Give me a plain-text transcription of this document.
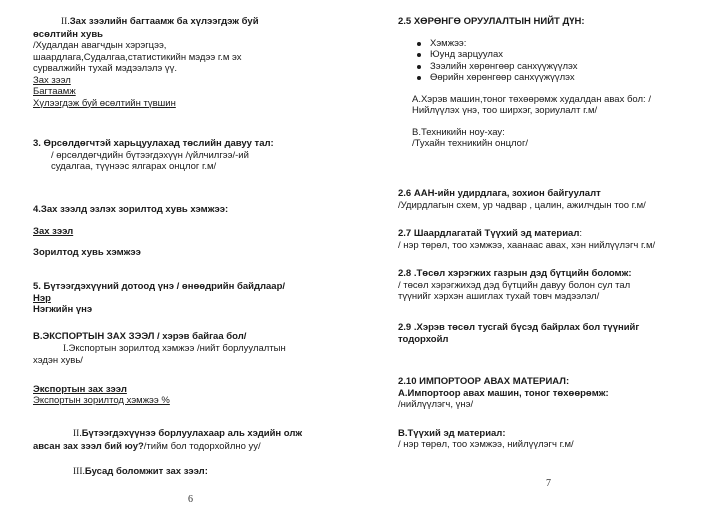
II.Зах зээлийн багтаамж ба хүлээгдэж буй
өсөлтийн хувь
/Худалдан авагчдын хэрэгцээ,
шаардлага,Судалгаа,статистикийн мэдээ г.м эх
сурвалжийн тухай мэдээлэлэ үү.
Зах зээл
Багтаамж
Хүлээгдэж буй өсөлтийн түвшин
3. Өрсөлдөгчтэй харьцуулахад төслийн давуу тал:
/ өрсөлдөгчдийн бүтээгдэхүүн /үйлчилгээ/-ий
судалгаа, түүнээс ялгарах онцлог г.м/
4.Зах зээлд эзлэх зорилтод хувь хэмжээ:
Зах зээл
Зорилтод хувь хэмжээ
5. Бүтээгдэхүүний дотоод үнэ / өнөөдрийн байдлаар/
Нэр
Нэгжийн үнэ
В.ЭКСПОРТЫН ЗАХ ЗЭЭЛ / хэрэв байгаа бол/
I.Экспортын зорилтод хэмжээ /нийт борлуулалтын
хэдэн хувь/
Экспортын зах зээл
Экспортын зорилтод хэмжээ %
II.Бүтээгдэхүүнээ борлуулахаар аль хэдийн олж
авсан зах зээл бий юу?/тийм бол тодорхойлно уу/
III.Бусад боломжит зах зээл:
6
2.5 ХӨРӨНГӨ ОРУУЛАЛТЫН НИЙТ ДҮН:
Хэмжээ:
Юунд зарцуулах
Зээлийн хөрөнгөөр санхүүжүүлэх
Өөрийн хөрөнгөөр санхүүжүүлэх
А.Хэрэв машин,тоног төхөөрөмж худалдан авах бол: /
Нийлүүлэх үнэ, тоо ширхэг, зориулалт г.м/
В.Техникийн ноу-хау:
/Тухайн техникийн онцлог/
2.6 ААН-ийн удирдлага, зохион байгуулалт
/Удирдлагын схем, ур чадвар , цалин, ажилчдын тоо г.м/
2.7 Шаардлагатай Түүхий эд материал:
/ нэр төрөл, тоо хэмжээ, хаанаас авах, хэн нийлүүлэгч г.м/
2.8 .Төсөл хэрэгжих газрын дэд бүтцийн боломж:
/ төсөл хэрэгжихэд дэд бүтцийн давуу болон сул тал
түүнийг хэрхэн ашиглах тухай товч мэдээлэл/
2.9 .Хэрэв төсөл тусгай бүсэд байрлах бол түүнийг
тодорхойл
2.10 ИМПОРТООР АВАХ МАТЕРИАЛ:
А.Импортоор авах машин, тоног төхөөрөмж:
/нийлүүлэгч, үнэ/
В.Түүхий эд материал:
/ нэр төрөл, тоо хэмжээ, нийлүүлэгч г.м/
7
